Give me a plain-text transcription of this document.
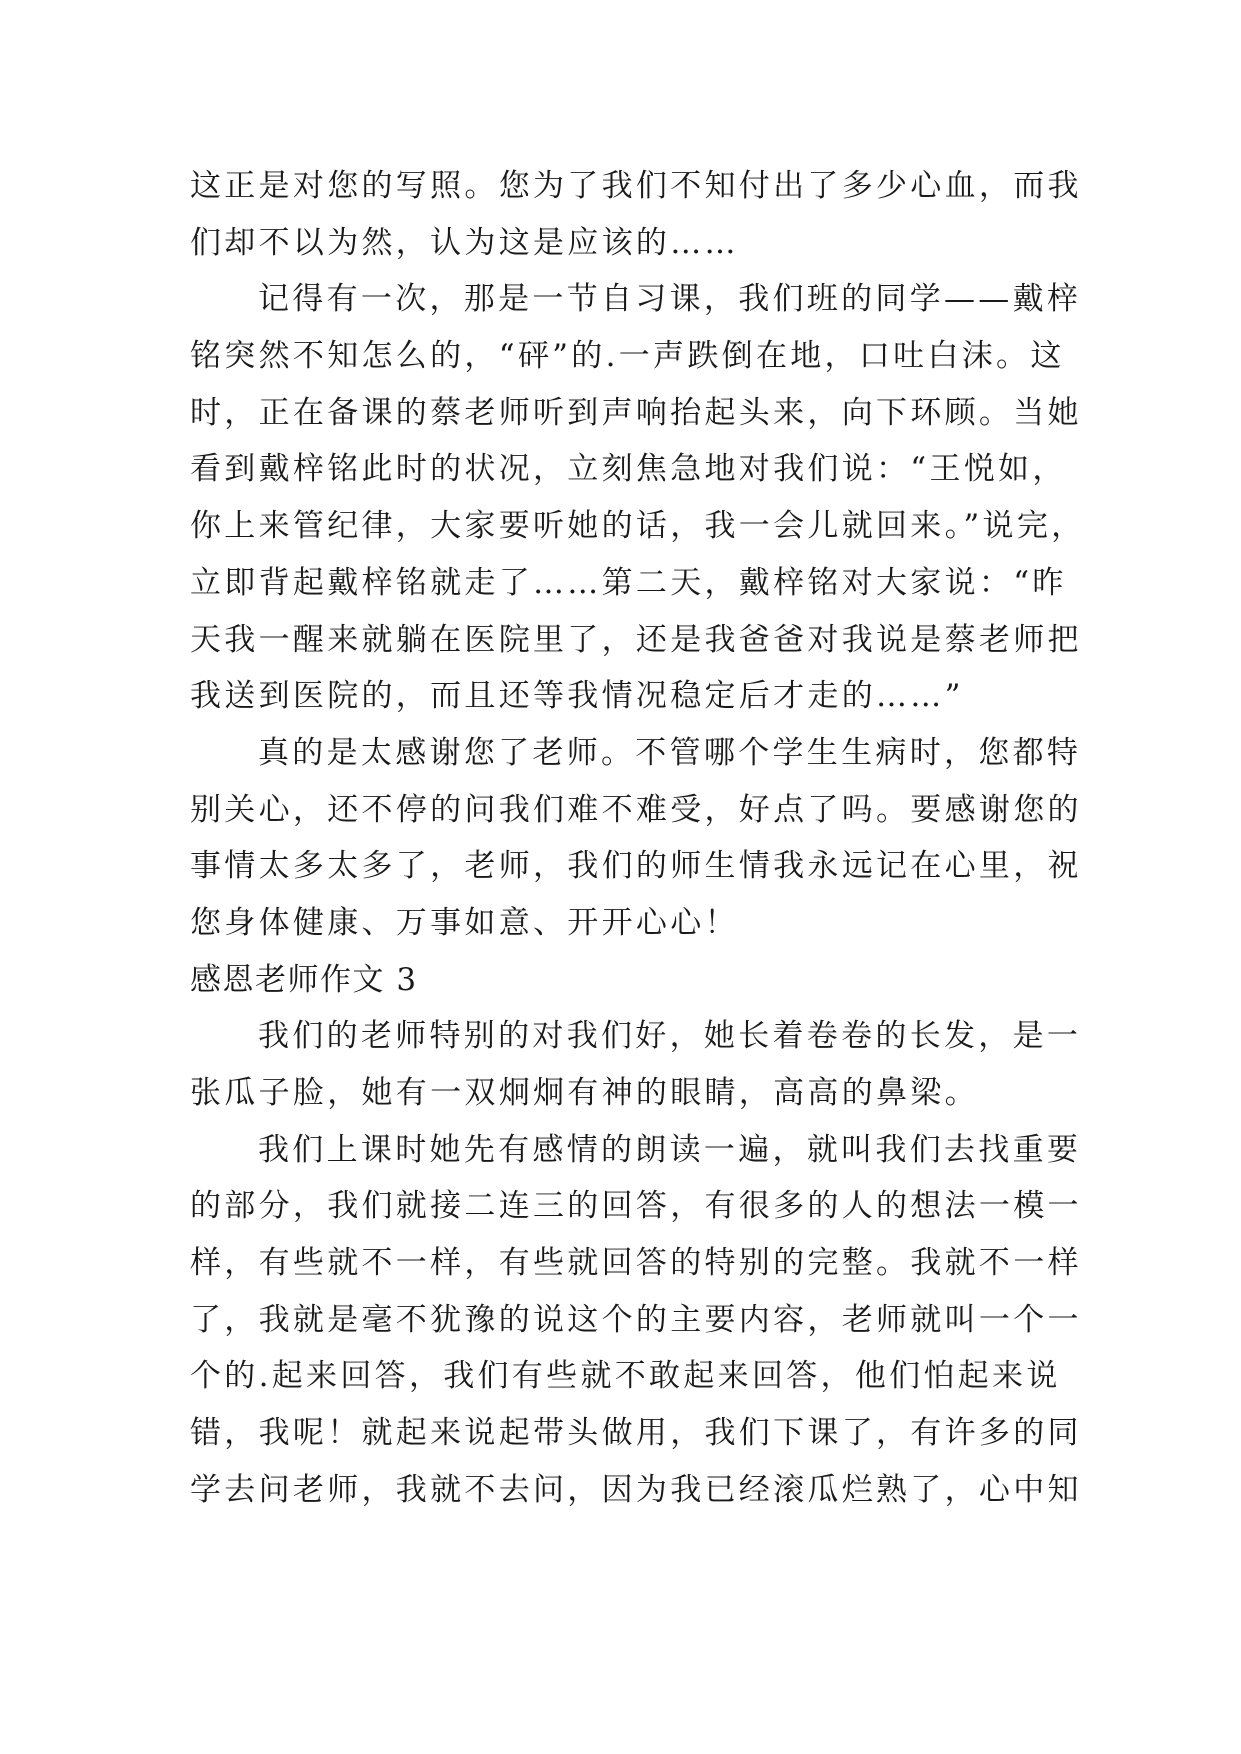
这正是对您的写照。您为了我们不知付出了多少心血，而我
们却不以为然，认为这是应该的……
记得有一次，那是一节自习课，我们班的同学——戴梓
铭突然不知怎么的，“砰”的.一声跌倒在地，口吐白沫。这
时，正在备课的蔡老师听到声响抬起头来，向下环顾。当她
看到戴梓铭此时的状况，立刻焦急地对我们说：“王悦如，
你上来管纪律，大家要听她的话，我一会儿就回来。”说完，
立即背起戴梓铭就走了……第二天，戴梓铭对大家说：“昨
天我一醒来就躺在医院里了，还是我爸爸对我说是蔡老师把
我送到医院的，而且还等我情况稳定后才走的……”
真的是太感谢您了老师。不管哪个学生生病时，您都特
别关心，还不停的问我们难不难受，好点了吗。要感谢您的
事情太多太多了，老师，我们的师生情我永远记在心里，祝
您身体健康、万事如意、开开心心！
感恩老师作文 3
我们的老师特别的对我们好，她长着卷卷的长发，是一
张瓜子脸，她有一双炯炯有神的眼睛，高高的鼻梁。
我们上课时她先有感情的朗读一遍，就叫我们去找重要
的部分，我们就接二连三的回答，有很多的人的想法一模一
样，有些就不一样，有些就回答的特别的完整。我就不一样
了，我就是毫不犹豫的说这个的主要内容，老师就叫一个一
个的.起来回答，我们有些就不敢起来回答，他们怕起来说
错，我呢！就起来说起带头做用，我们下课了，有许多的同
学去问老师，我就不去问，因为我已经滚瓜烂熟了，心中知
